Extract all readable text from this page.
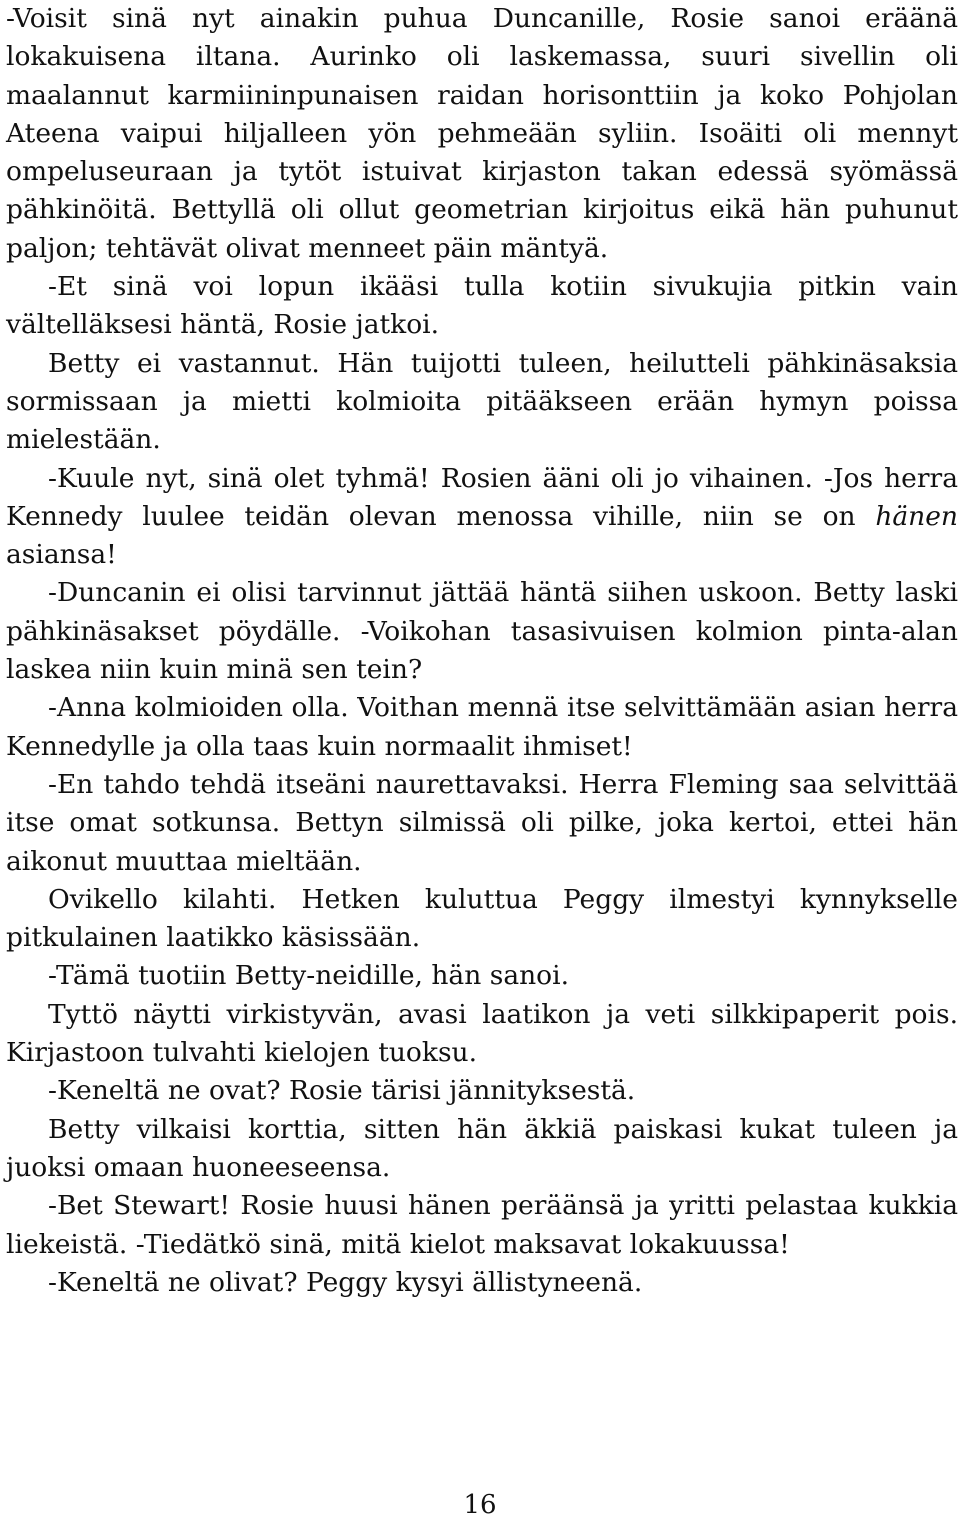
-Voisit sinä nyt ainakin puhua Duncanille, Rosie sanoi eräänä lokakuisena iltana. Aurinko oli laskemassa, suuri sivellin oli maalannut karmiininpunaisen raidan horisonttiin ja koko Pohjolan Ateena vaipui hiljalleen yön pehmeään syliin. Isoäiti oli mennyt ompeluseuraan ja tytöt istuivat kirjaston takan edessä syömässä pähkinöitä. Bettyllä oli ollut geometrian kirjoitus eikä hän puhunut paljon; tehtävät olivat menneet päin mäntyä.

-Et sinä voi lopun ikääsi tulla kotiin sivukujia pitkin vain vältelläksesi häntä, Rosie jatkoi.

Betty ei vastannut. Hän tuijotti tuleen, heilutteli pähkinäsaksia sormissaan ja mietti kolmioita pitääkseen erään hymyn poissa mielestään.

-Kuule nyt, sinä olet tyhmä! Rosien ääni oli jo vihainen. -Jos herra Kennedy luulee teidän olevan menossa vihille, niin se on hänen asiansa!

-Duncanin ei olisi tarvinnut jättää häntä siihen uskoon. Betty laski pähkinäsakset pöydälle. -Voikohan tasasivuisen kolmion pinta-alan laskea niin kuin minä sen tein?

-Anna kolmioiden olla. Voithan mennä itse selvittämään asian herra Kennedylle ja olla taas kuin normaalit ihmiset!

-En tahdo tehdä itseäni naurettavaksi. Herra Fleming saa selvittää itse omat sotkunsa. Bettyn silmissä oli pilke, joka kertoi, ettei hän aikonut muuttaa mieltään.

Ovikello kilahti. Hetken kuluttua Peggy ilmestyi kynnykselle pitkulainen laatikko käsissään.

-Tämä tuotiin Betty-neidille, hän sanoi.

Tyttö näytti virkistyvän, avasi laatikon ja veti silkkipaperit pois. Kirjastoon tulvahti kielojen tuoksu.

-Keneltä ne ovat? Rosie tärisi jännityksestä.

Betty vilkaisi korttia, sitten hän äkkiä paiskasi kukat tuleen ja juoksi omaan huoneeseensa.

-Bet Stewart! Rosie huusi hänen peräänsä ja yritti pelastaa kukkia liekeistä. -Tiedätkö sinä, mitä kielot maksavat lokakuussa!

-Keneltä ne olivat? Peggy kysyi ällistyneenä.

16
